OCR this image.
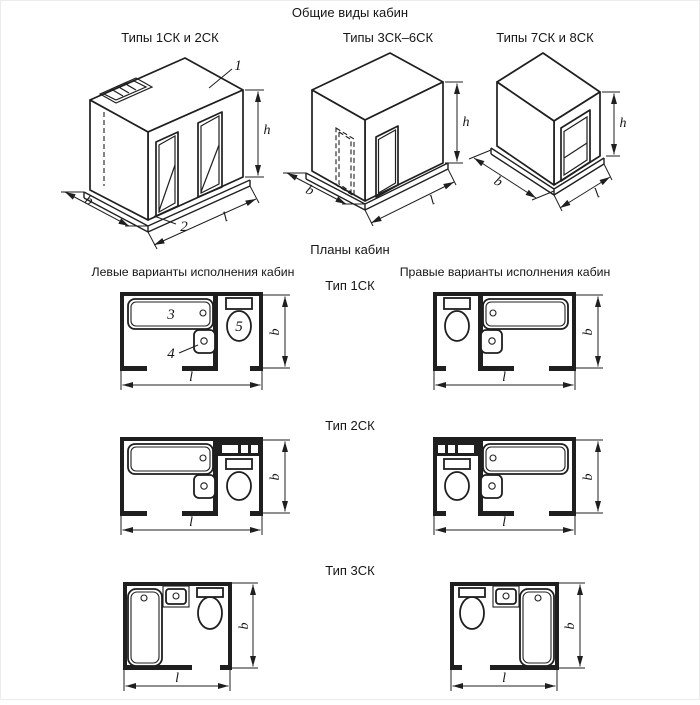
Общие виды кабин
Типы 1СК и 2СК	Типы 3СК–6СК	Типы 7СК и 8СК
Планы кабин
Левые варианты исполнения кабин	Правые варианты исполнения кабин
Тип 1СК
Тип 2СК
Тип 3СК
1
2
b
l
h
b
l
h
b
l
h
3
4
5 b	b
l	l
b	b
l	l
b	b
l	l
